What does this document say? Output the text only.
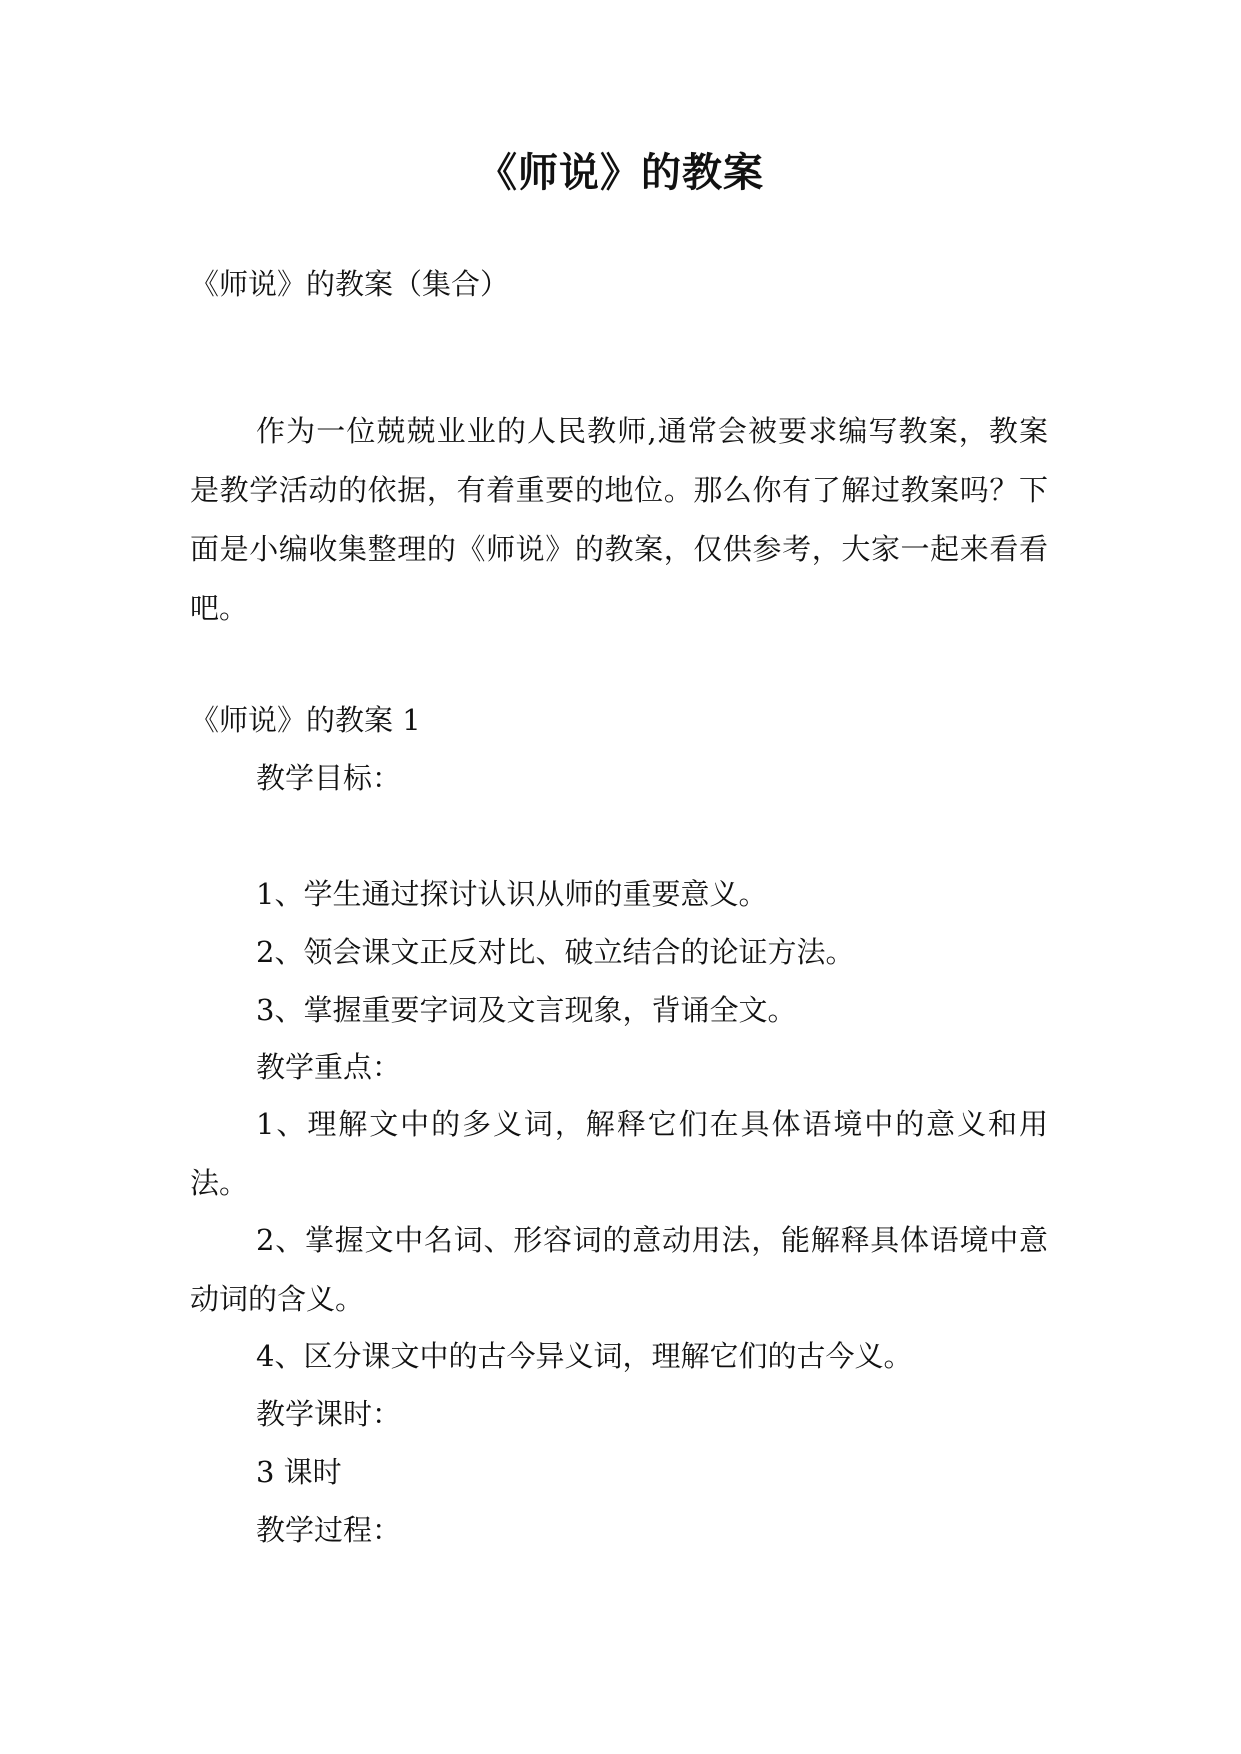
《师说》的教案
《师说》的教案（集合）
作为一位兢兢业业的人民教师,通常会被要求编写教案，教案是教学活动的依据，有着重要的地位。那么你有了解过教案吗？下面是小编收集整理的《师说》的教案，仅供参考，大家一起来看看吧。
《师说》的教案 1
教学目标：
1、学生通过探讨认识从师的重要意义。
2、领会课文正反对比、破立结合的论证方法。
3、掌握重要字词及文言现象，背诵全文。
教学重点：
1、理解文中的多义词，解释它们在具体语境中的意义和用法。
2、掌握文中名词、形容词的意动用法，能解释具体语境中意动词的含义。
4、区分课文中的古今异义词，理解它们的古今义。
教学课时：
3 课时
教学过程：
